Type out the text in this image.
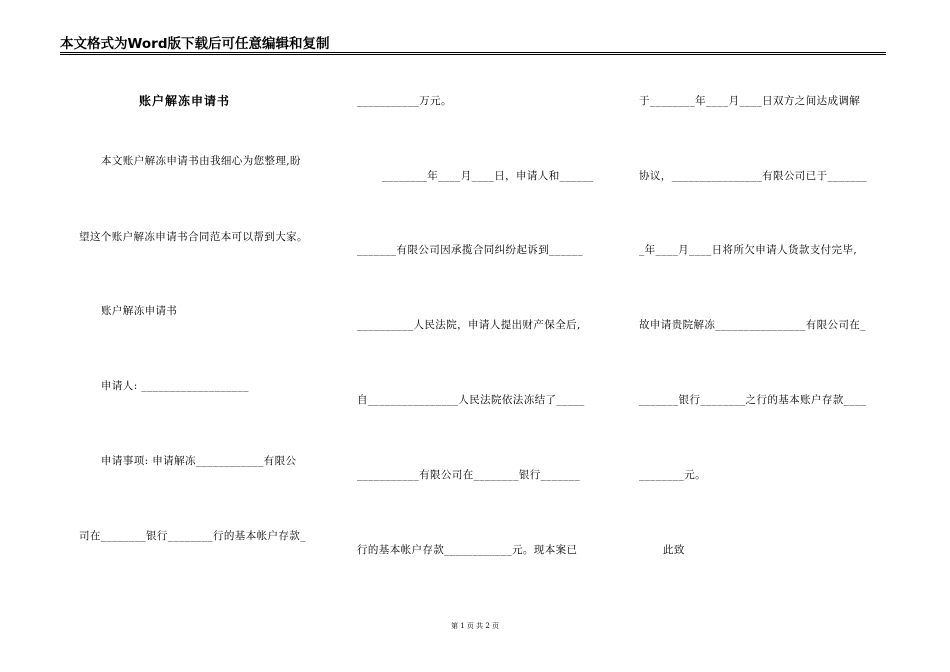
本文格式为Word版下载后可任意编辑和复制
账户解冻申请书
本文账户解冻申请书由我细心为您整理,盼
望这个账户解冻申请书合同范本可以帮到大家。
账户解冻申请书
申请人: ___________________
申请事项: 申请解冻____________有限公
司在________银行________行的基本帐户存款_
___________万元。
________年____月____日，申请人和______
_______有限公司因承揽合同纠纷起诉到______
__________人民法院，申请人提出财产保全后,
自________________人民法院依法冻结了_____
___________有限公司在________银行_______
行的基本帐户存款____________元。现本案已
于________年____月____日双方之间达成调解
协议，________________有限公司已于_______
_年____月____日将所欠申请人货款支付完毕,
故申请贵院解冻________________有限公司在_
_______银行________之行的基本账户存款____
________元。
此致
第 1 页 共 2 页
